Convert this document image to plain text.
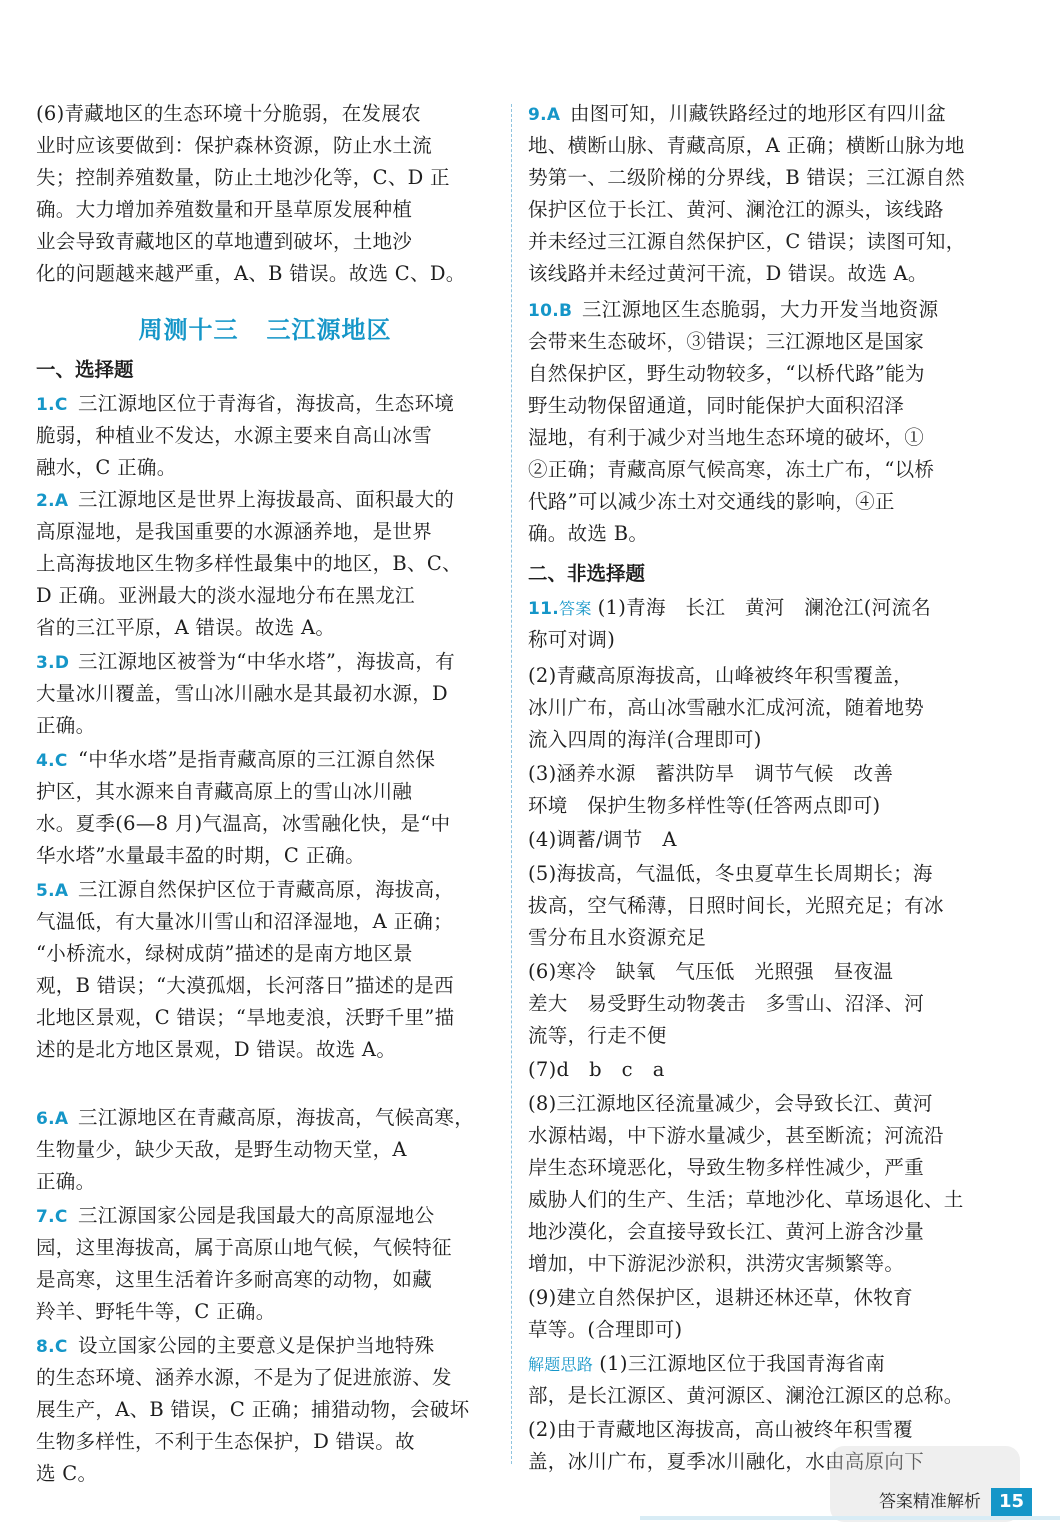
(6)青藏地区的生态环境十分脆弱，在发展农
业时应该要做到：保护森林资源，防止水土流
失；控制养殖数量，防止土地沙化等，C、D 正
确。大力增加养殖数量和开垦草原发展种植
业会导致青藏地区的草地遭到破坏，土地沙
化的问题越来越严重，A、B 错误。故选 C、D。
周测十三 三江源地区
一、选择题
1.C 三江源地区位于青海省，海拔高，生态环境
脆弱，种植业不发达，水源主要来自高山冰雪
融水，C 正确。
2.A 三江源地区是世界上海拔最高、面积最大的
高原湿地，是我国重要的水源涵养地，是世界
上高海拔地区生物多样性最集中的地区，B、C、
D 正确。亚洲最大的淡水湿地分布在黑龙江
省的三江平原，A 错误。故选 A。
3.D 三江源地区被誉为“中华水塔”，海拔高，有
大量冰川覆盖，雪山冰川融水是其最初水源，D
正确。
4.C “中华水塔”是指青藏高原的三江源自然保
护区，其水源来自青藏高原上的雪山冰川融
水。夏季(6—8 月)气温高，冰雪融化快，是“中
华水塔”水量最丰盈的时期，C 正确。
5.A 三江源自然保护区位于青藏高原，海拔高，
气温低，有大量冰川雪山和沼泽湿地，A 正确；
“小桥流水，绿树成荫”描述的是南方地区景
观，B 错误；“大漠孤烟，长河落日”描述的是西
北地区景观，C 错误；“旱地麦浪，沃野千里”描
述的是北方地区景观，D 错误。故选 A。
6.A 三江源地区在青藏高原，海拔高，气候高寒，
生物量少，缺少天敌，是野生动物天堂，A
正确。
7.C 三江源国家公园是我国最大的高原湿地公
园，这里海拔高，属于高原山地气候，气候特征
是高寒，这里生活着许多耐高寒的动物，如藏
羚羊、野牦牛等，C 正确。
8.C 设立国家公园的主要意义是保护当地特殊
的生态环境、涵养水源，不是为了促进旅游、发
展生产，A、B 错误，C 正确；捕猎动物，会破坏
生物多样性，不利于生态保护，D 错误。故
选 C。
9.A 由图可知，川藏铁路经过的地形区有四川盆
地、横断山脉、青藏高原，A 正确；横断山脉为地
势第一、二级阶梯的分界线，B 错误；三江源自然
保护区位于长江、黄河、澜沧江的源头，该线路
并未经过三江源自然保护区，C 错误；读图可知，
该线路并未经过黄河干流，D 错误。故选 A。
10.B 三江源地区生态脆弱，大力开发当地资源
会带来生态破坏，③错误；三江源地区是国家
自然保护区，野生动物较多，“以桥代路”能为
野生动物保留通道，同时能保护大面积沼泽
湿地，有利于减少对当地生态环境的破坏，①
②正确；青藏高原气候高寒，冻土广布，“以桥
代路”可以减少冻土对交通线的影响，④正
确。故选 B。
二、非选择题
11.答案 (1)青海　长江　黄河　澜沧江(河流名
称可对调)
(2)青藏高原海拔高，山峰被终年积雪覆盖，
冰川广布，高山冰雪融水汇成河流，随着地势
流入四周的海洋(合理即可)
(3)涵养水源　蓄洪防旱　调节气候　改善
环境　保护生物多样性等(任答两点即可)
(4)调蓄/调节　A
(5)海拔高，气温低，冬虫夏草生长周期长；海
拔高，空气稀薄，日照时间长，光照充足；有冰
雪分布且水资源充足
(6)寒冷　缺氧　气压低　光照强　昼夜温
差大　易受野生动物袭击　多雪山、沼泽、河
流等，行走不便
(7)d　b　c　a
(8)三江源地区径流量减少，会导致长江、黄河
水源枯竭，中下游水量减少，甚至断流；河流沿
岸生态环境恶化，导致生物多样性减少，严重
威胁人们的生产、生活；草地沙化、草场退化、土
地沙漠化，会直接导致长江、黄河上游含沙量
增加，中下游泥沙淤积，洪涝灾害频繁等。
(9)建立自然保护区，退耕还林还草，休牧育
草等。(合理即可)
解题思路 (1)三江源地区位于我国青海省南
部，是长江源区、黄河源区、澜沧江源区的总称。
(2)由于青藏地区海拔高，高山被终年积雪覆
盖，冰川广布，夏季冰川融化，水由高原向下
答案精准解析 15
